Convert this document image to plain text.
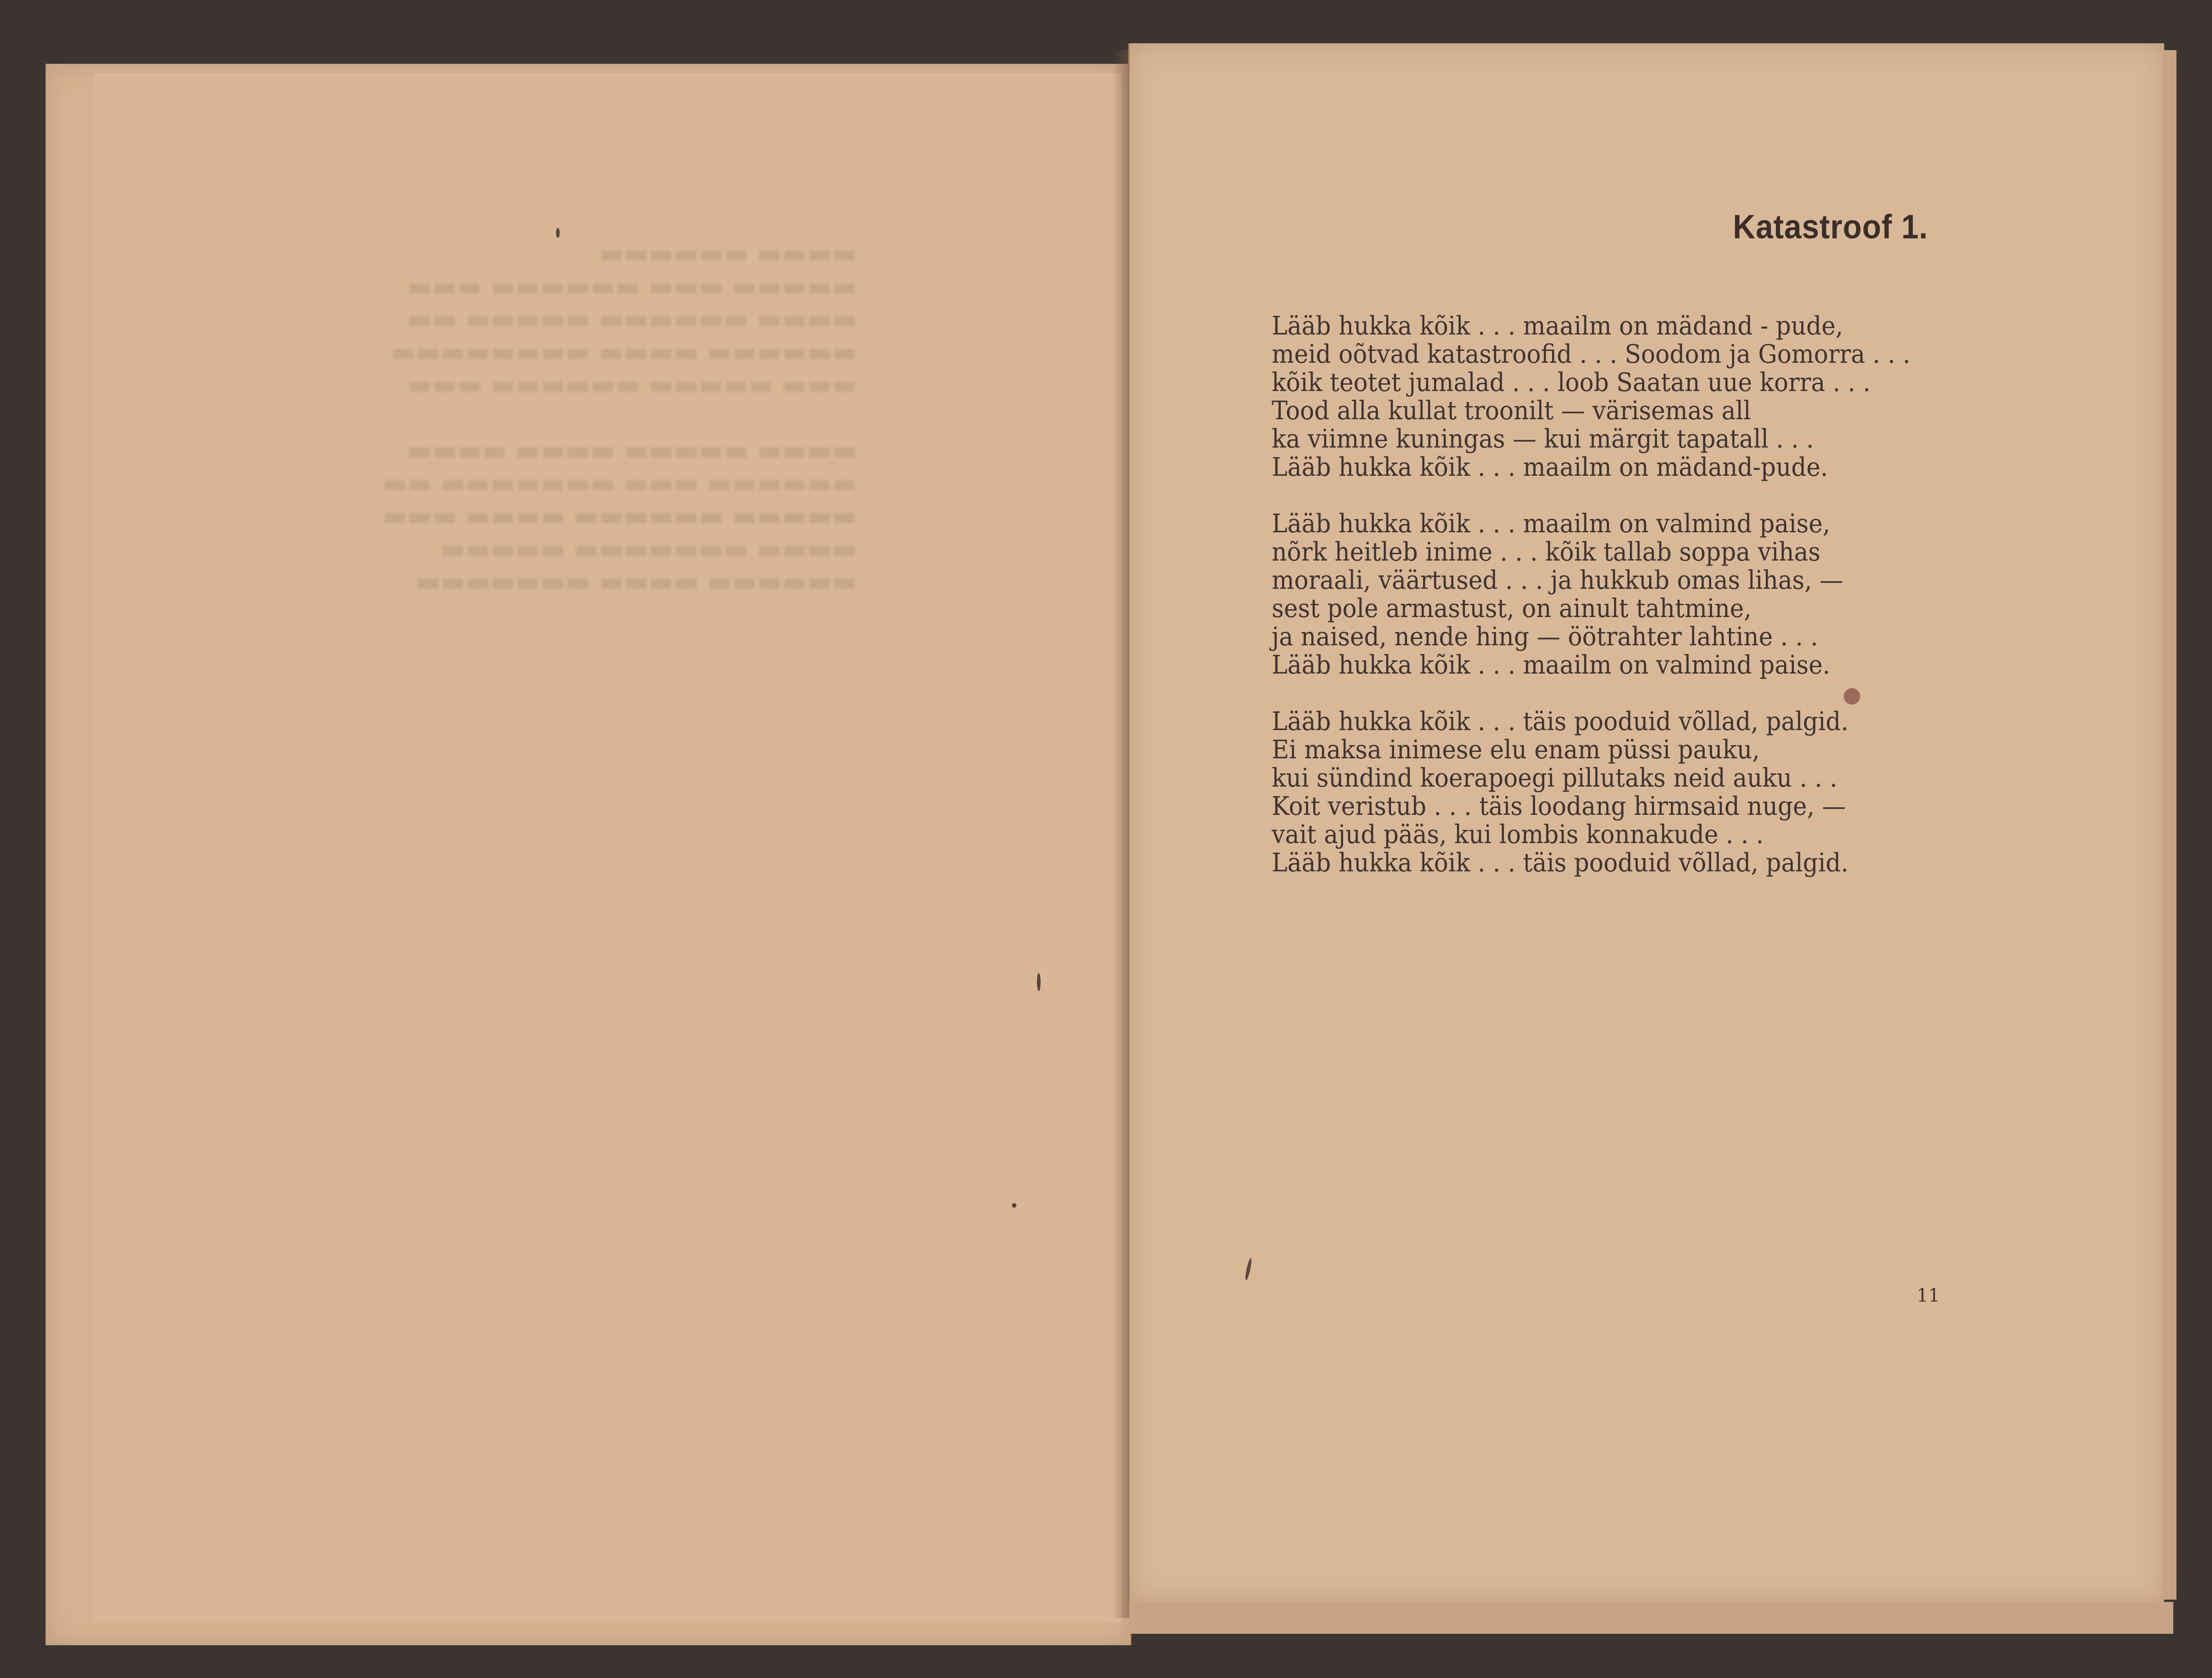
▬▬▬▬ ▬▬▬▬▬▬
▬▬▬▬▬ ▬▬▬ ▬▬▬▬▬▬ ▬▬▬
▬▬▬▬ ▬▬▬▬▬▬ ▬▬▬▬▬ ▬▬
▬▬▬▬▬▬ ▬▬▬▬ ▬▬▬▬▬▬▬▬
▬▬▬ ▬▬▬▬▬ ▬▬▬▬▬▬ ▬▬▬

▬▬▬▬ ▬▬▬▬▬ ▬▬▬▬ ▬▬▬▬
▬▬▬▬▬▬ ▬▬▬ ▬▬▬▬▬▬▬ ▬▬
▬▬▬▬▬ ▬▬▬▬▬▬ ▬▬▬▬ ▬▬▬
▬▬▬▬ ▬▬▬▬▬▬▬ ▬▬▬▬▬
▬▬▬▬▬▬ ▬▬▬▬ ▬▬▬▬▬▬▬
Katastroof 1.
Lääb hukka kõik . . . maailm on mädand - pude,
meid oõtvad katastroofid . . . Soodom ja Gomorra . . .
kõik teotet jumalad . . . loob Saatan uue korra . . .
Tood alla kullat troonilt — värisemas all
ka viimne kuningas — kui märgit tapatall . . .
Lääb hukka kõik . . . maailm on mädand-pude.
Lääb hukka kõik . . . maailm on valmind paise,
nõrk heitleb inime . . . kõik tallab soppa vihas
moraali, väärtused . . . ja hukkub omas lihas, —
sest pole armastust, on ainult tahtmine,
ja naised, nende hing — öötrahter lahtine . . .
Lääb hukka kõik . . . maailm on valmind paise.
Lääb hukka kõik . . . täis pooduid võllad, palgid.
Ei maksa inimese elu enam püssi pauku,
kui sündind koerapoegi pillutaks neid auku . . .
Koit veristub . . . täis loodang hirmsaid nuge, —
vait ajud pääs, kui lombis konnakude . . .
Lääb hukka kõik . . . täis pooduid võllad, palgid.
11
